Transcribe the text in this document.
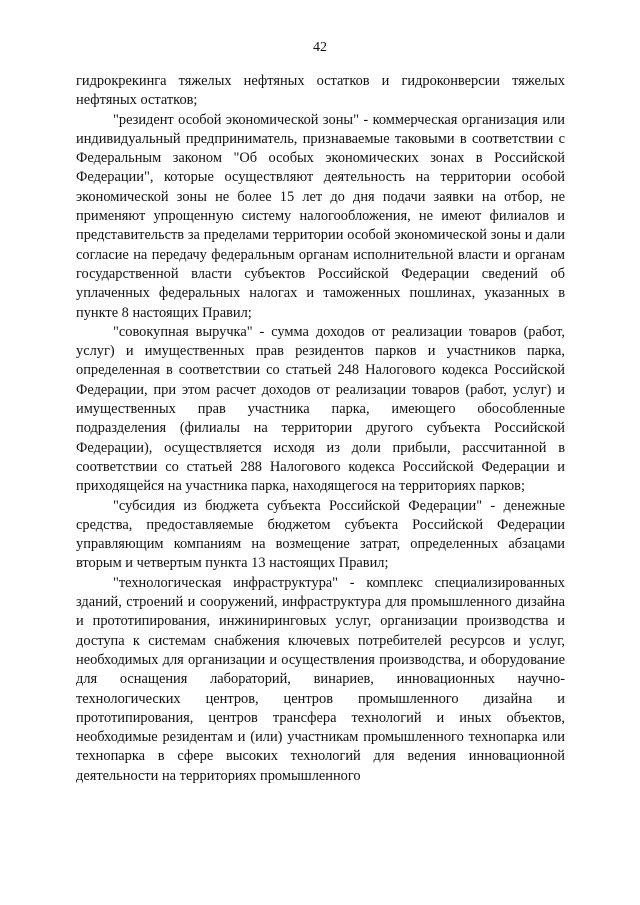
42

гидрокрекинга тяжелых нефтяных остатков и гидроконверсии тяжелых нефтяных остатков;

"резидент особой экономической зоны" - коммерческая организация или индивидуальный предприниматель, признаваемые таковыми в соответствии с Федеральным законом "Об особых экономических зонах в Российской Федерации", которые осуществляют деятельность на территории особой экономической зоны не более 15 лет до дня подачи заявки на отбор, не применяют упрощенную систему налогообложения, не имеют филиалов и представительств за пределами территории особой экономической зоны и дали согласие на передачу федеральным органам исполнительной власти и органам государственной власти субъектов Российской Федерации сведений об уплаченных федеральных налогах и таможенных пошлинах, указанных в пункте 8 настоящих Правил;

"совокупная выручка" - сумма доходов от реализации товаров (работ, услуг) и имущественных прав резидентов парков и участников парка, определенная в соответствии со статьей 248 Налогового кодекса Российской Федерации, при этом расчет доходов от реализации товаров (работ, услуг) и имущественных прав участника парка, имеющего обособленные подразделения (филиалы на территории другого субъекта Российской Федерации), осуществляется исходя из доли прибыли, рассчитанной в соответствии со статьей 288 Налогового кодекса Российской Федерации и приходящейся на участника парка, находящегося на территориях парков;

"субсидия из бюджета субъекта Российской Федерации" - денежные средства, предоставляемые бюджетом субъекта Российской Федерации управляющим компаниям на возмещение затрат, определенных абзацами вторым и четвертым пункта 13 настоящих Правил;

"технологическая инфраструктура" - комплекс специализированных зданий, строений и сооружений, инфраструктура для промышленного дизайна и прототипирования, инжиниринговых услуг, организации производства и доступа к системам снабжения ключевых потребителей ресурсов и услуг, необходимых для организации и осуществления производства, и оборудование для оснащения лабораторий, винариев, инновационных научно-технологических центров, центров промышленного дизайна и прототипирования, центров трансфера технологий и иных объектов, необходимые резидентам и (или) участникам промышленного технопарка или технопарка в сфере высоких технологий для ведения инновационной деятельности на территориях промышленного
